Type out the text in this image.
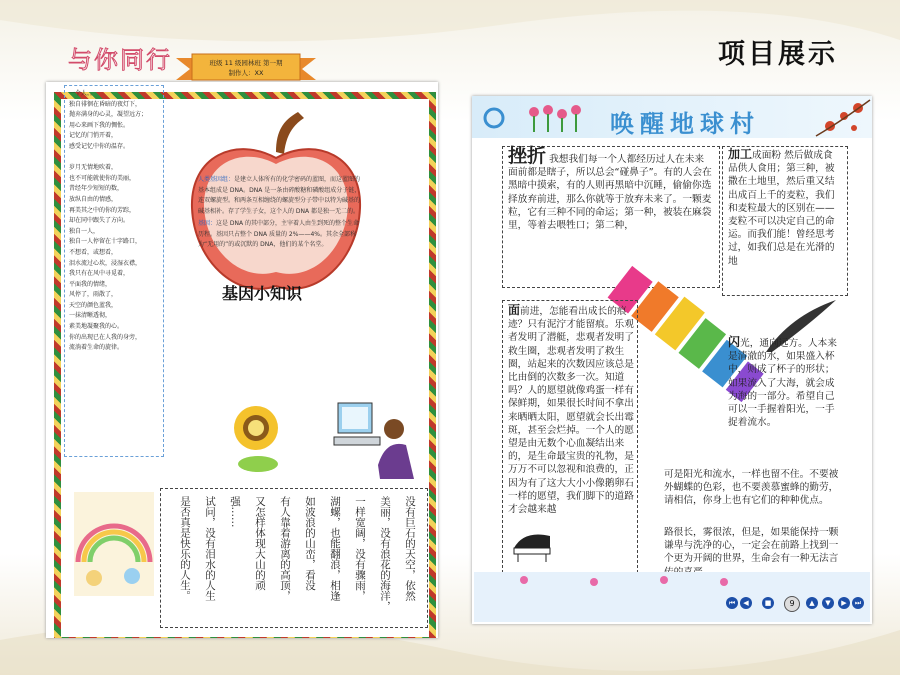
项目展示
与你同行	班级 11 级园林班 第一期
制作人：XX
一个人，。
独自徘徊在昏暗的夜灯下，
抛弃满身的心灵，凝望远方；
用心来画下我的惆怅。
记忆的门悄开着，
感受记忆中你的温存。

岁月无情地吹着，
也不可能就使你的美丽，
昔经年少短短的数，
放纵自由的情感，
再美其之中的你的芳踪，
却在同中跟失了方向。
独自一人，
独自一人停留在十字路口，
不想看，或想看，
泪水流过心坎，浸湿衣襟，
我只有在风中寻觅着，
平面我的情绪，
风停了，雨散了，
天空的颜色蓝我，
一抹清晰透彻，
素美地凝聚我的心。
你的出现已在人我的身旁，
流淌着生命的旋律。

人类基因组：是建立人体所有的化学密码的蓝图，而这蓝图的基本组成是 DNA。DNA 是一条由碎酸糖和磷酸组成分子链，连双螺旋型。和两条互相缠绕的螺旋型分子带中以特为碱基的碱基相补。存了学生子女，这个人的 DNA 都是独一无二的。

基因：这是 DNA 的其中部分，主宰着人由生到死的整个生命历程。基因只占整个 DNA 质量的 2%——4%。其余全部称为“无用的”的或沉默的 DNA，他们的某个名堂。

基因小知识
没有巨石的天空，依然
美丽，没有浪花的海洋，
一样宽阔，没有骤雨，
湖螺，也能翻浪，相逢
如波浪的山峦，看没
有人靠着游离的高顶，
又怎样体现大山的顽
强……
试问，没有泪水的人生
是否真是快乐的人生。
唤醒地球村
挫折 我想我们每一个人都经历过人在未来面前都是瞎子，所以总会“碰鼻子”。有的人会在黑暗中摸索，有的人则再黑暗中沉睡，偷偷你选择放弃前进，那么你就等于放弃未来了。一颗麦粒，它有三种不同的命运；第一种，被装在麻袋里，等着去喂牲口；第二种，
加工成面粉 然后做成食品供人食用；第三种，被撒在土地里，然后重又结出成百上千的麦粒，我们和麦粒最大的区别在——麦粒不可以决定自己的命运。而我们能！曾经思考过，如我们总是在光滑的地
面前进，怎能看出成长的痕迹？只有泥泞才能留痕。乐观者发明了潜艇，悲观者发明了救生圈，悲观者发明了救生圈，站起来的次数因应该总是比由倒的次数多一次。知道吗？人的愿望就像鸡蛋一样有保鲜期，如果很长时间不拿出来晒晒太阳，愿望就会长出霉斑，甚至会烂掉。一个人的愿望是由无数个心血凝结出来的，是生命最宝贵的礼物，是万万不可以忽视和浪费的，正因为有了这大大小小像鹅卵石一样的愿望，我们脚下的道路才会越来越
闪光，通向远方。人本来是清澈的水，如果盛入杯中，则成了杯子的形状；如果流入了大海，就会成为海的一部分。希望自己可以一手握着阳光，一手捉着流水。
可是阳光和流水，一样也留不住。不要被外蝴蝶的色彩，也不要羡慕蜜蜂的勤劳，请相信，你身上也有它们的种种优点。
路很长，雾很浓，但是，如果能保持一颗谦卑与洗净的心，一定会在前路上找到一个更为开阔的世界，生命会有一种无法言
⏮	◀	■	9	▲	▼	▶	⏭
